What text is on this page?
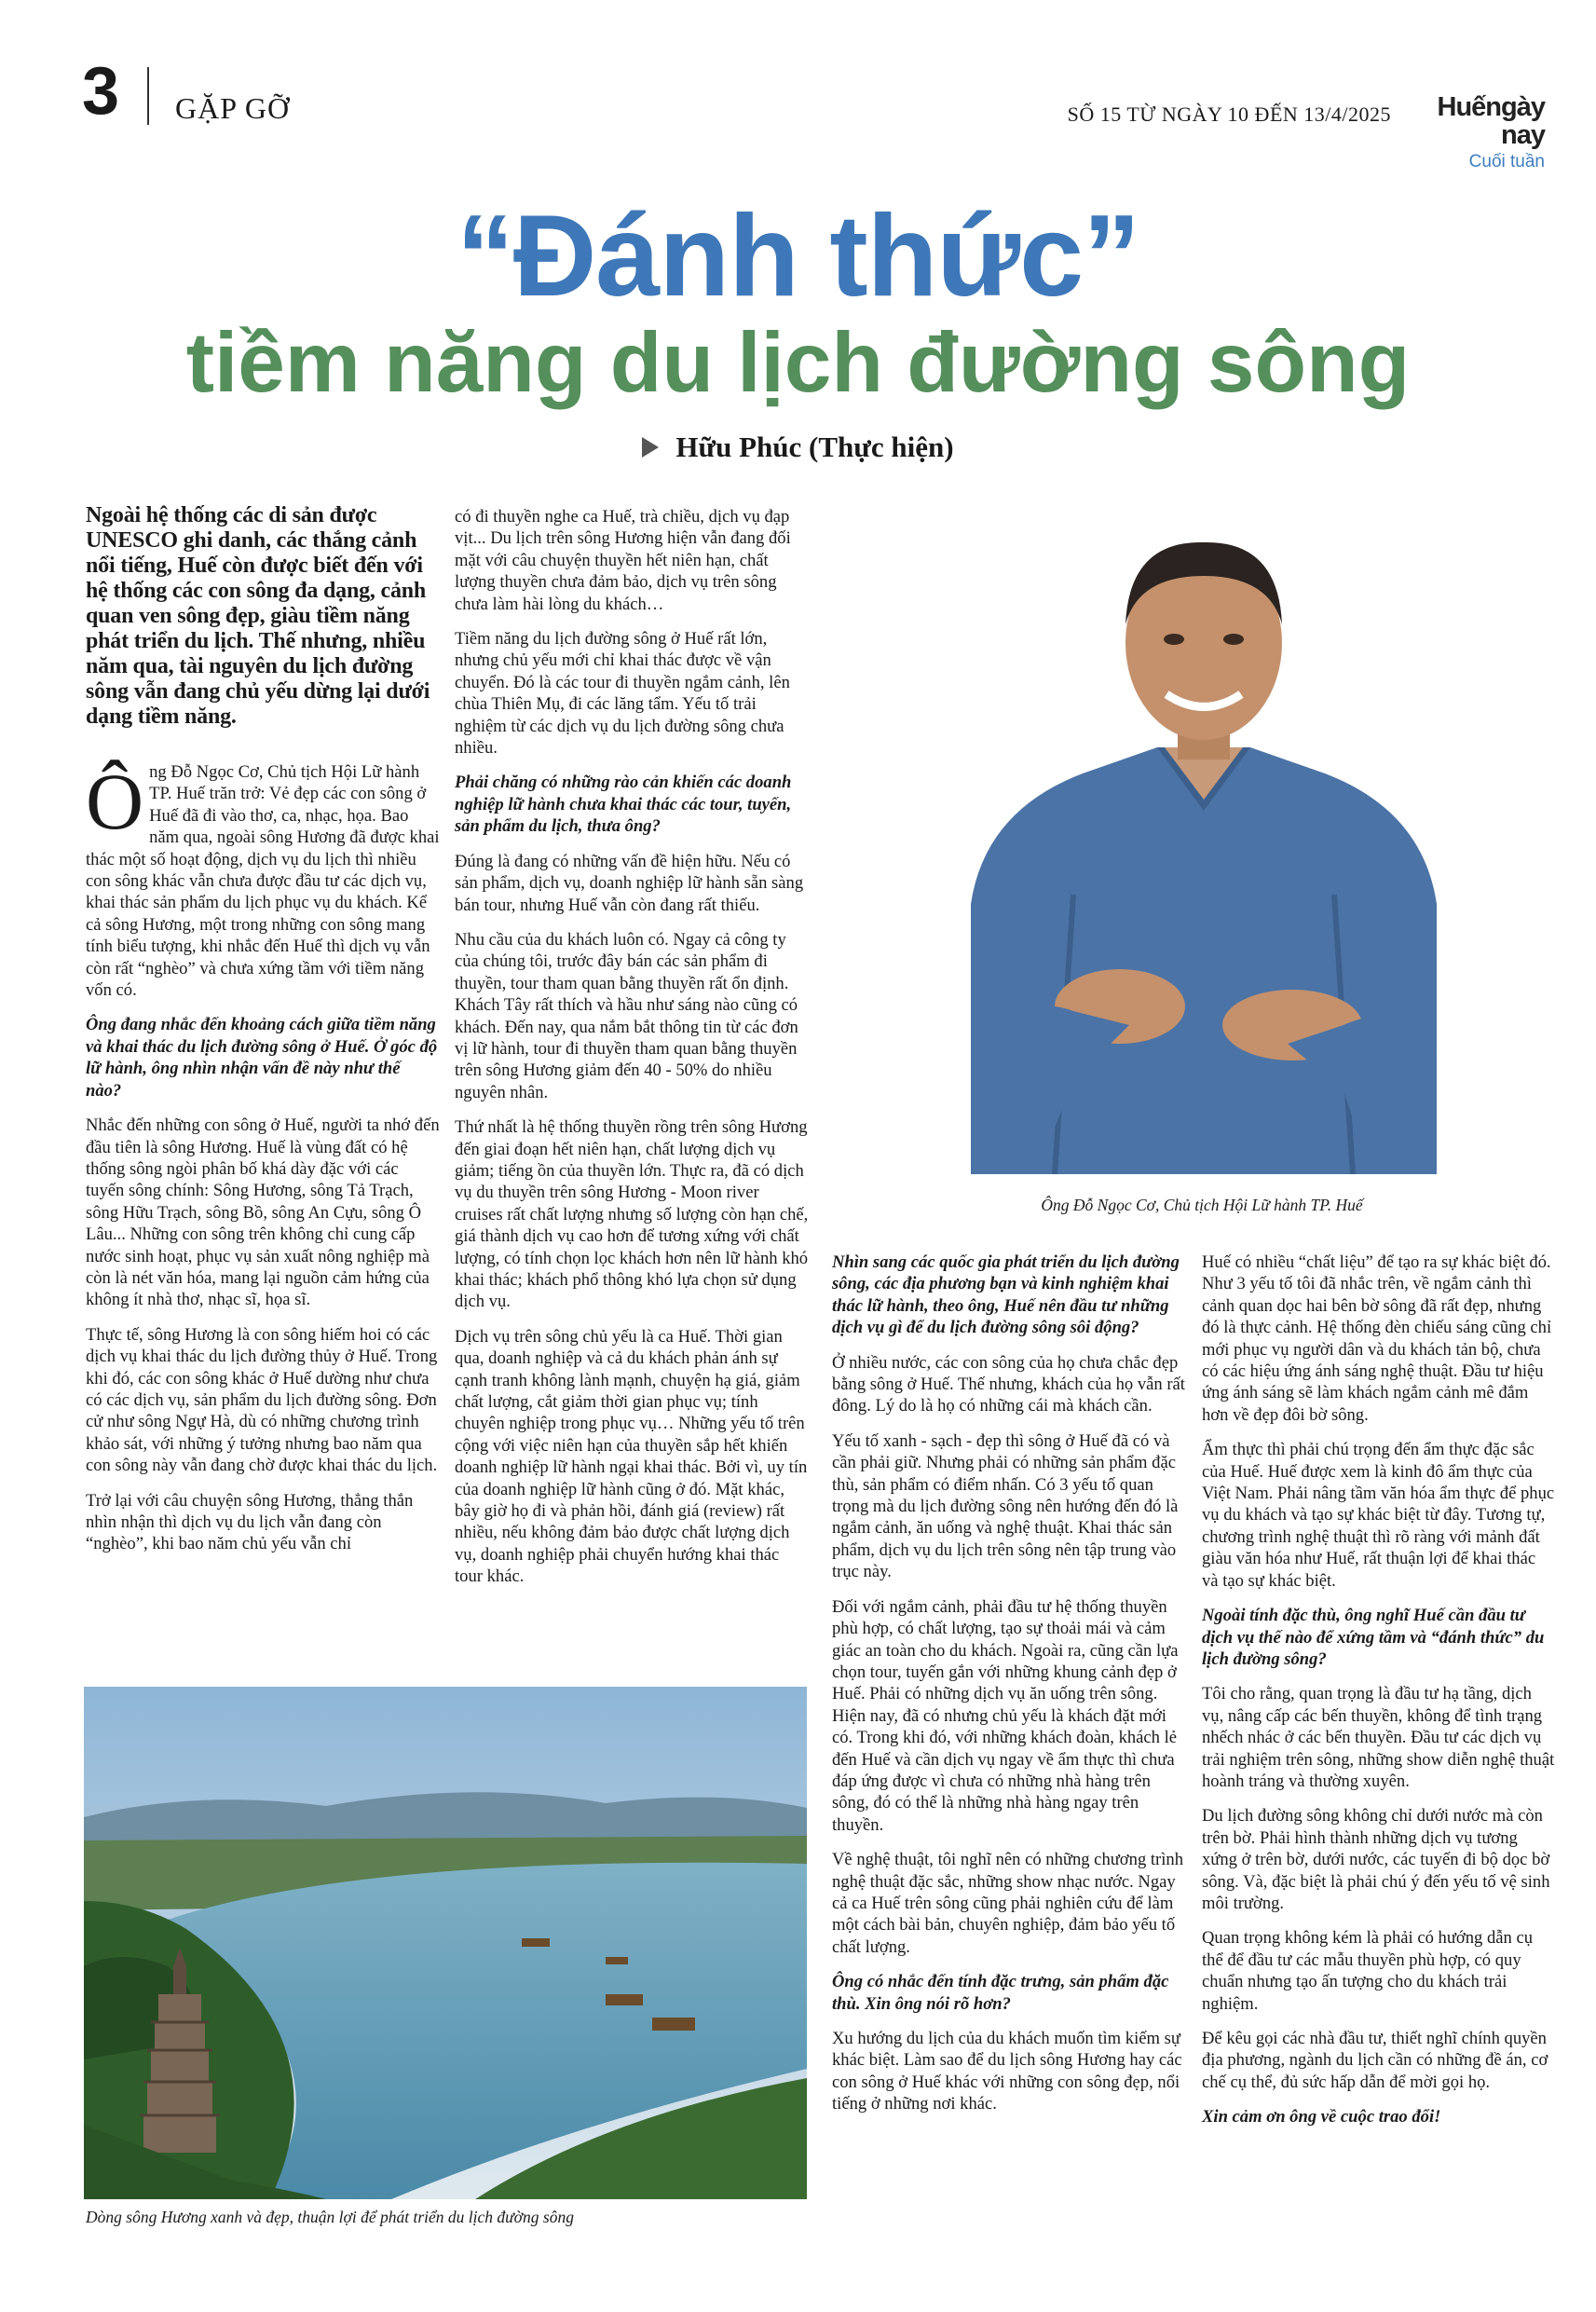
3 GẶP GỠ	SỐ 15 TỪ NGÀY 10 ĐẾN 13/4/2025	Huếngày nay
Cuối tuần
“Đánh thức”
tiềm năng du lịch đường sông
Hữu Phúc (Thực hiện)

Ngoài hệ thống các di sản được UNESCO ghi danh, các thắng cảnh nổi tiếng, Huế còn được biết đến với hệ thống các con sông đa dạng, cảnh quan ven sông đẹp, giàu tiềm năng phát triển du lịch. Thế nhưng, nhiều năm qua, tài nguyên du lịch đường sông vẫn đang chủ yếu dừng lại dưới dạng tiềm năng.

Ông Đỗ Ngọc Cơ, Chủ tịch Hội Lữ hành TP. Huế trăn trở: Vẻ đẹp các con sông ở Huế đã đi vào thơ, ca, nhạc, họa. Bao năm qua, ngoài sông Hương đã được khai thác một số hoạt động, dịch vụ du lịch thì nhiều con sông khác vẫn chưa được đầu tư các dịch vụ, khai thác sản phẩm du lịch phục vụ du khách. Kể cả sông Hương, một trong những con sông mang tính biểu tượng, khi nhắc đến Huế thì dịch vụ vẫn còn rất “nghèo” và chưa xứng tầm với tiềm năng vốn có.

Ông đang nhắc đến khoảng cách giữa tiềm năng và khai thác du lịch đường sông ở Huế. Ở góc độ lữ hành, ông nhìn nhận vấn đề này như thế nào?

Nhắc đến những con sông ở Huế, người ta nhớ đến đầu tiên là sông Hương. Huế là vùng đất có hệ thống sông ngòi phân bố khá dày đặc với các tuyến sông chính: Sông Hương, sông Tả Trạch, sông Hữu Trạch, sông Bồ, sông An Cựu, sông Ô Lâu... Những con sông trên không chỉ cung cấp nước sinh hoạt, phục vụ sản xuất nông nghiệp mà còn là nét văn hóa, mang lại nguồn cảm hứng của không ít nhà thơ, nhạc sĩ, họa sĩ.

Thực tế, sông Hương là con sông hiếm hoi có các dịch vụ khai thác du lịch đường thủy ở Huế. Trong khi đó, các con sông khác ở Huế dường như chưa có các dịch vụ, sản phẩm du lịch đường sông. Đơn cử như sông Ngự Hà, dù có những chương trình khảo sát, với những ý tưởng nhưng bao năm qua con sông này vẫn đang chờ được khai thác du lịch.

Trở lại với câu chuyện sông Hương, thẳng thắn nhìn nhận thì dịch vụ du lịch vẫn đang còn “nghèo”, khi bao năm chủ yếu vẫn chỉ

có đi thuyền nghe ca Huế, trà chiều, dịch vụ đạp vịt... Du lịch trên sông Hương hiện vẫn đang đối mặt với câu chuyện thuyền hết niên hạn, chất lượng thuyền chưa đảm bảo, dịch vụ trên sông chưa làm hài lòng du khách…

Tiềm năng du lịch đường sông ở Huế rất lớn, nhưng chủ yếu mới chỉ khai thác được về vận chuyển. Đó là các tour đi thuyền ngắm cảnh, lên chùa Thiên Mụ, đi các lăng tẩm. Yếu tố trải nghiệm từ các dịch vụ du lịch đường sông chưa nhiều.

Phải chăng có những rào cản khiến các doanh nghiệp lữ hành chưa khai thác các tour, tuyến, sản phẩm du lịch, thưa ông?

Đúng là đang có những vấn đề hiện hữu. Nếu có sản phẩm, dịch vụ, doanh nghiệp lữ hành sẵn sàng bán tour, nhưng Huế vẫn còn đang rất thiếu.

Nhu cầu của du khách luôn có. Ngay cả công ty của chúng tôi, trước đây bán các sản phẩm đi thuyền, tour tham quan bằng thuyền rất ổn định. Khách Tây rất thích và hầu như sáng nào cũng có khách. Đến nay, qua nắm bắt thông tin từ các đơn vị lữ hành, tour đi thuyền tham quan bằng thuyền trên sông Hương giảm đến 40 - 50% do nhiều nguyên nhân.

Thứ nhất là hệ thống thuyền rồng trên sông Hương đến giai đoạn hết niên hạn, chất lượng dịch vụ giảm; tiếng ồn của thuyền lớn. Thực ra, đã có dịch vụ du thuyền trên sông Hương - Moon river cruises rất chất lượng nhưng số lượng còn hạn chế, giá thành dịch vụ cao hơn để tương xứng với chất lượng, có tính chọn lọc khách hơn nên lữ hành khó khai thác; khách phổ thông khó lựa chọn sử dụng dịch vụ.

Dịch vụ trên sông chủ yếu là ca Huế. Thời gian qua, doanh nghiệp và cả du khách phản ánh sự cạnh tranh không lành mạnh, chuyện hạ giá, giảm chất lượng, cắt giảm thời gian phục vụ; tính chuyên nghiệp trong phục vụ… Những yếu tố trên cộng với việc niên hạn của thuyền sắp hết khiến doanh nghiệp lữ hành ngại khai thác. Bởi vì, uy tín của doanh nghiệp lữ hành cũng ở đó. Mặt khác, bây giờ họ đi và phản hồi, đánh giá (review) rất nhiều, nếu không đảm bảo được chất lượng dịch vụ, doanh nghiệp phải chuyển hướng khai thác tour khác.

Ông Đỗ Ngọc Cơ, Chủ tịch Hội Lữ hành TP. Huế

Nhìn sang các quốc gia phát triển du lịch đường sông, các địa phương bạn và kinh nghiệm khai thác lữ hành, theo ông, Huế nên đầu tư những dịch vụ gì để du lịch đường sông sôi động?

Ở nhiều nước, các con sông của họ chưa chắc đẹp bằng sông ở Huế. Thế nhưng, khách của họ vẫn rất đông. Lý do là họ có những cái mà khách cần.

Yếu tố xanh - sạch - đẹp thì sông ở Huế đã có và cần phải giữ. Nhưng phải có những sản phẩm đặc thù, sản phẩm có điểm nhấn. Có 3 yếu tố quan trọng mà du lịch đường sông nên hướng đến đó là ngắm cảnh, ăn uống và nghệ thuật. Khai thác sản phẩm, dịch vụ du lịch trên sông nên tập trung vào trục này.

Đối với ngắm cảnh, phải đầu tư hệ thống thuyền phù hợp, có chất lượng, tạo sự thoải mái và cảm giác an toàn cho du khách. Ngoài ra, cũng cần lựa chọn tour, tuyến gắn với những khung cảnh đẹp ở Huế. Phải có những dịch vụ ăn uống trên sông. Hiện nay, đã có nhưng chủ yếu là khách đặt mới có. Trong khi đó, với những khách đoàn, khách lẻ đến Huế và cần dịch vụ ngay về ẩm thực thì chưa đáp ứng được vì chưa có những nhà hàng trên sông, đó có thể là những nhà hàng ngay trên thuyền.

Về nghệ thuật, tôi nghĩ nên có những chương trình nghệ thuật đặc sắc, những show nhạc nước. Ngay cả ca Huế trên sông cũng phải nghiên cứu để làm một cách bài bản, chuyên nghiệp, đảm bảo yếu tố chất lượng.

Ông có nhắc đến tính đặc trưng, sản phẩm đặc thù. Xin ông nói rõ hơn?

Xu hướng du lịch của du khách muốn tìm kiếm sự khác biệt. Làm sao để du lịch sông Hương hay các con sông ở Huế khác với những con sông đẹp, nổi tiếng ở những nơi khác.

Huế có nhiều “chất liệu” để tạo ra sự khác biệt đó. Như 3 yếu tố tôi đã nhắc trên, về ngắm cảnh thì cảnh quan dọc hai bên bờ sông đã rất đẹp, nhưng đó là thực cảnh. Hệ thống đèn chiếu sáng cũng chỉ mới phục vụ người dân và du khách tản bộ, chưa có các hiệu ứng ánh sáng nghệ thuật. Đầu tư hiệu ứng ánh sáng sẽ làm khách ngắm cảnh mê đắm hơn về đẹp đôi bờ sông.

Ẩm thực thì phải chú trọng đến ẩm thực đặc sắc của Huế. Huế được xem là kinh đô ẩm thực của Việt Nam. Phải nâng tầm văn hóa ẩm thực để phục vụ du khách và tạo sự khác biệt từ đây. Tương tự, chương trình nghệ thuật thì rõ ràng với mảnh đất giàu văn hóa như Huế, rất thuận lợi để khai thác và tạo sự khác biệt.

Ngoài tính đặc thù, ông nghĩ Huế cần đầu tư dịch vụ thế nào để xứng tầm và “đánh thức” du lịch đường sông?

Tôi cho rằng, quan trọng là đầu tư hạ tầng, dịch vụ, nâng cấp các bến thuyền, không để tình trạng nhếch nhác ở các bến thuyền. Đầu tư các dịch vụ trải nghiệm trên sông, những show diễn nghệ thuật hoành tráng và thường xuyên.

Du lịch đường sông không chỉ dưới nước mà còn trên bờ. Phải hình thành những dịch vụ tương xứng ở trên bờ, dưới nước, các tuyến đi bộ dọc bờ sông. Và, đặc biệt là phải chú ý đến yếu tố vệ sinh môi trường.

Quan trọng không kém là phải có hướng dẫn cụ thể để đầu tư các mẫu thuyền phù hợp, có quy chuẩn nhưng tạo ấn tượng cho du khách trải nghiệm.

Để kêu gọi các nhà đầu tư, thiết nghĩ chính quyền địa phương, ngành du lịch cần có những đề án, cơ chế cụ thể, đủ sức hấp dẫn để mời gọi họ.

Xin cảm ơn ông về cuộc trao đổi!

Dòng sông Hương xanh và đẹp, thuận lợi để phát triển du lịch đường sông
